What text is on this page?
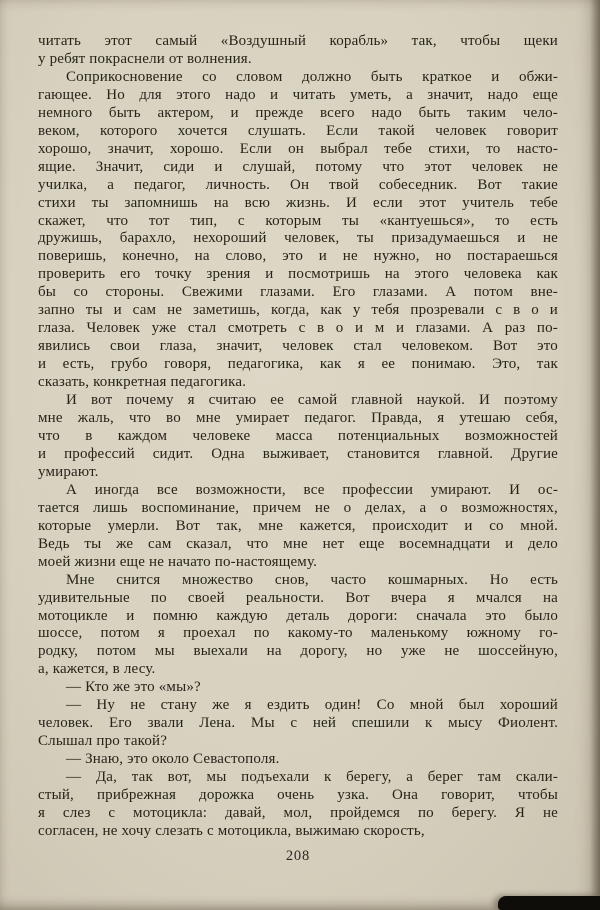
читать этот самый «Воздушный корабль» так, чтобы щеки
у ребят покраснели от волнения.
Соприкосновение со словом должно быть краткое и обжи-
гающее. Но для этого надо и читать уметь, а значит, надо еще
немного быть актером, и прежде всего надо быть таким чело-
веком, которого хочется слушать. Если такой человек говорит
хорошо, значит, хорошо. Если он выбрал тебе стихи, то насто-
ящие. Значит, сиди и слушай, потому что этот человек не
училка, а педагог, личность. Он твой собеседник. Вот такие
стихи ты запомнишь на всю жизнь. И если этот учитель тебе
скажет, что тот тип, с которым ты «кантуешься», то есть
дружишь, барахло, нехороший человек, ты призадумаешься и не
поверишь, конечно, на слово, это и не нужно, но постараешься
проверить его точку зрения и посмотришь на этого человека как
бы со стороны. Свежими глазами. Его глазами. А потом вне-
запно ты и сам не заметишь, когда, как у тебя прозревали с в о и
глаза. Человек уже стал смотреть с в о и м и глазами. А раз по-
явились свои глаза, значит, человек стал человеком. Вот это
и есть, грубо говоря, педагогика, как я ее понимаю. Это, так
сказать, конкретная педагогика.
И вот почему я считаю ее самой главной наукой. И поэтому
мне жаль, что во мне умирает педагог. Правда, я утешаю себя,
что в каждом человеке масса потенциальных возможностей
и профессий сидит. Одна выживает, становится главной. Другие
умирают.
А иногда все возможности, все профессии умирают. И ос-
тается лишь воспоминание, причем не о делах, а о возможностях,
которые умерли. Вот так, мне кажется, происходит и со мной.
Ведь ты же сам сказал, что мне нет еще восемнадцати и дело
моей жизни еще не начато по-настоящему.
Мне снится множество снов, часто кошмарных. Но есть
удивительные по своей реальности. Вот вчера я мчался на
мотоцикле и помню каждую деталь дороги: сначала это было
шоссе, потом я проехал по какому-то маленькому южному го-
родку, потом мы выехали на дорогу, но уже не шоссейную,
а, кажется, в лесу.
— Кто же это «мы»?
— Ну не стану же я ездить один! Со мной был хороший
человек. Его звали Лена. Мы с ней спешили к мысу Фиолент.
Слышал про такой?
— Знаю, это около Севастополя.
— Да, так вот, мы подъехали к берегу, а берег там скали-
стый, прибрежная дорожка очень узка. Она говорит, чтобы
я слез с мотоцикла: давай, мол, пройдемся по берегу. Я не
согласен, не хочу слезать с мотоцикла, выжимаю скорость,
208
